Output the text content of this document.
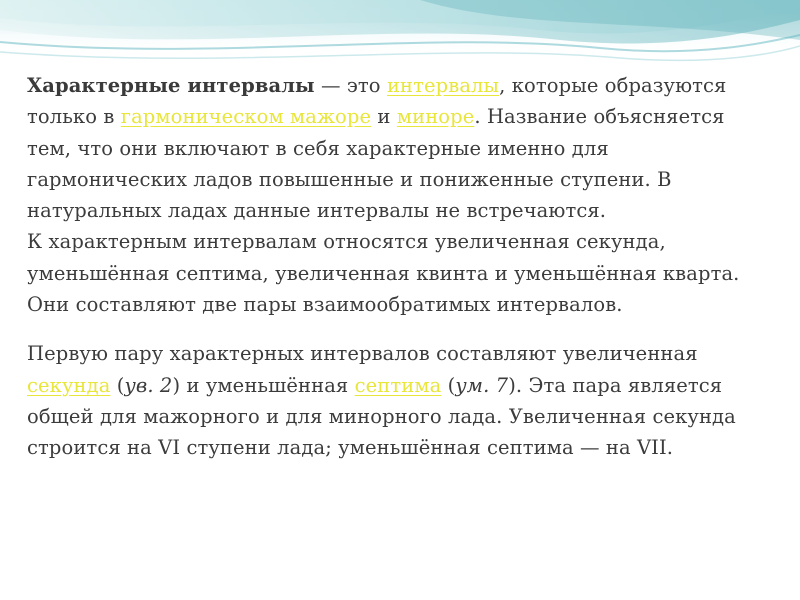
Характерные интервалы — это интервалы, которые образуются только в гармоническом мажоре и миноре. Название объясняется тем, что они включают в себя характерные именно для гармонических ладов повышенные и пониженные ступени. В натуральных ладах данные интервалы не встречаются.
К характерным интервалам относятся увеличенная секунда, уменьшённая септима, увеличенная квинта и уменьшённая кварта. Они составляют две пары взаимообратимых интервалов.

Первую пару характерных интервалов составляют увеличенная секунда (ув. 2) и уменьшённая септима (ум. 7). Эта пара является общей для мажорного и для минорного лада. Увеличенная секунда строится на VI ступени лада; уменьшённая септима — на VII.
